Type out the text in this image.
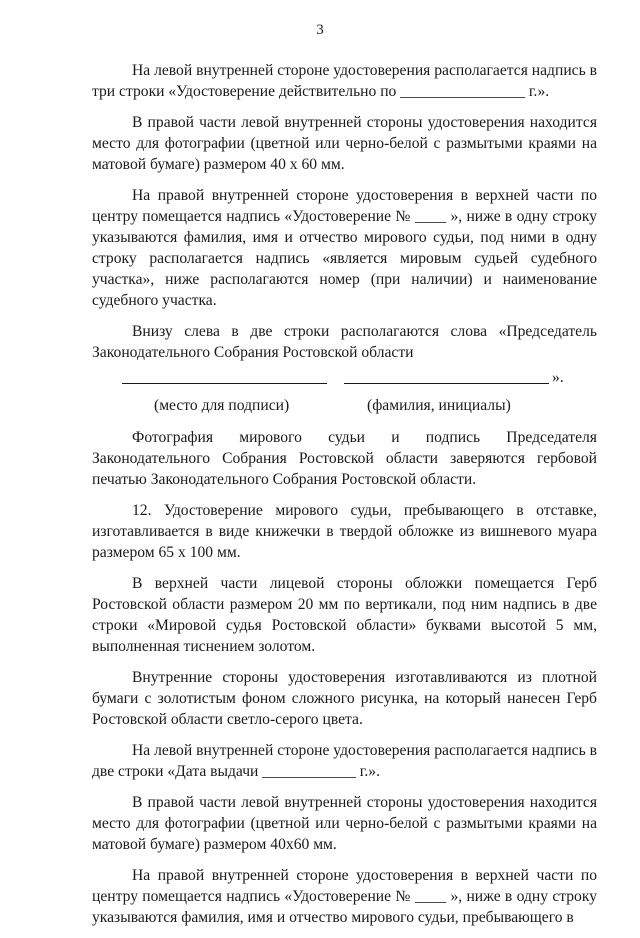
3

На левой внутренней стороне удостоверения располагается надпись в три строки «Удостоверение действительно по ________________ г.».

В правой части левой внутренней стороны удостоверения находится место для фотографии (цветной или черно-белой с размытыми краями на матовой бумаге) размером 40 х 60 мм.

На правой внутренней стороне удостоверения в верхней части по центру помещается надпись «Удостоверение № ____ », ниже в одну строку указываются фамилия, имя и отчество мирового судьи, под ними в одну строку располагается надпись «является мировым судьей судебного участка», ниже располагаются номер (при наличии) и наименование судебного участка.

Внизу слева в две строки располагаются слова «Председатель Законодательного Собрания Ростовской области

».
(место для подписи)	(фамилия, инициалы)

Фотография мирового судьи и подпись Председателя Законодательного Собрания Ростовской области заверяются гербовой печатью Законодательного Собрания Ростовской области.

12. Удостоверение мирового судьи, пребывающего в отставке, изготавливается в виде книжечки в твердой обложке из вишневого муара размером 65 х 100 мм.

В верхней части лицевой стороны обложки помещается Герб Ростовской области размером 20 мм по вертикали, под ним надпись в две строки «Мировой судья Ростовской области» буквами высотой 5 мм, выполненная тиснением золотом.

Внутренние стороны удостоверения изготавливаются из плотной бумаги с золотистым фоном сложного рисунка, на который нанесен Герб Ростовской области светло-серого цвета.

На левой внутренней стороне удостоверения располагается надпись в две строки «Дата выдачи ____________ г.».

В правой части левой внутренней стороны удостоверения находится место для фотографии (цветной или черно-белой с размытыми краями на матовой бумаге) размером 40х60 мм.

На правой внутренней стороне удостоверения в верхней части по центру помещается надпись «Удостоверение № ____ », ниже в одну строку указываются фамилия, имя и отчество мирового судьи, пребывающего в
